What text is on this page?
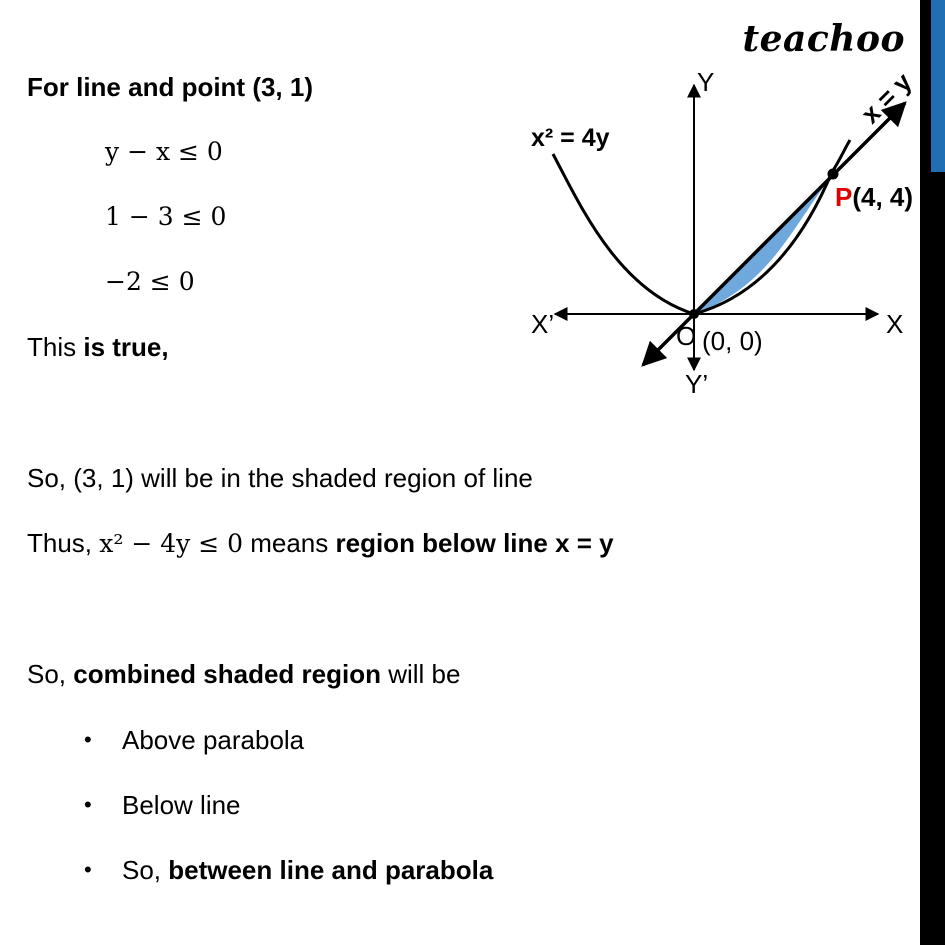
teachoo
For line and point (3, 1)
y − x ≤ 0
1 − 3 ≤ 0
−2 ≤ 0
This is true,
So, (3, 1) will be in the shaded region of line
Thus, x² − 4y ≤ 0 means region below line x = y
So, combined shaded region will be
• Above parabola
• Below line
• So, between line and parabola
Y
Y’
X
X’	O (0, 0)
x² = 4y
x = y
P(4, 4)
